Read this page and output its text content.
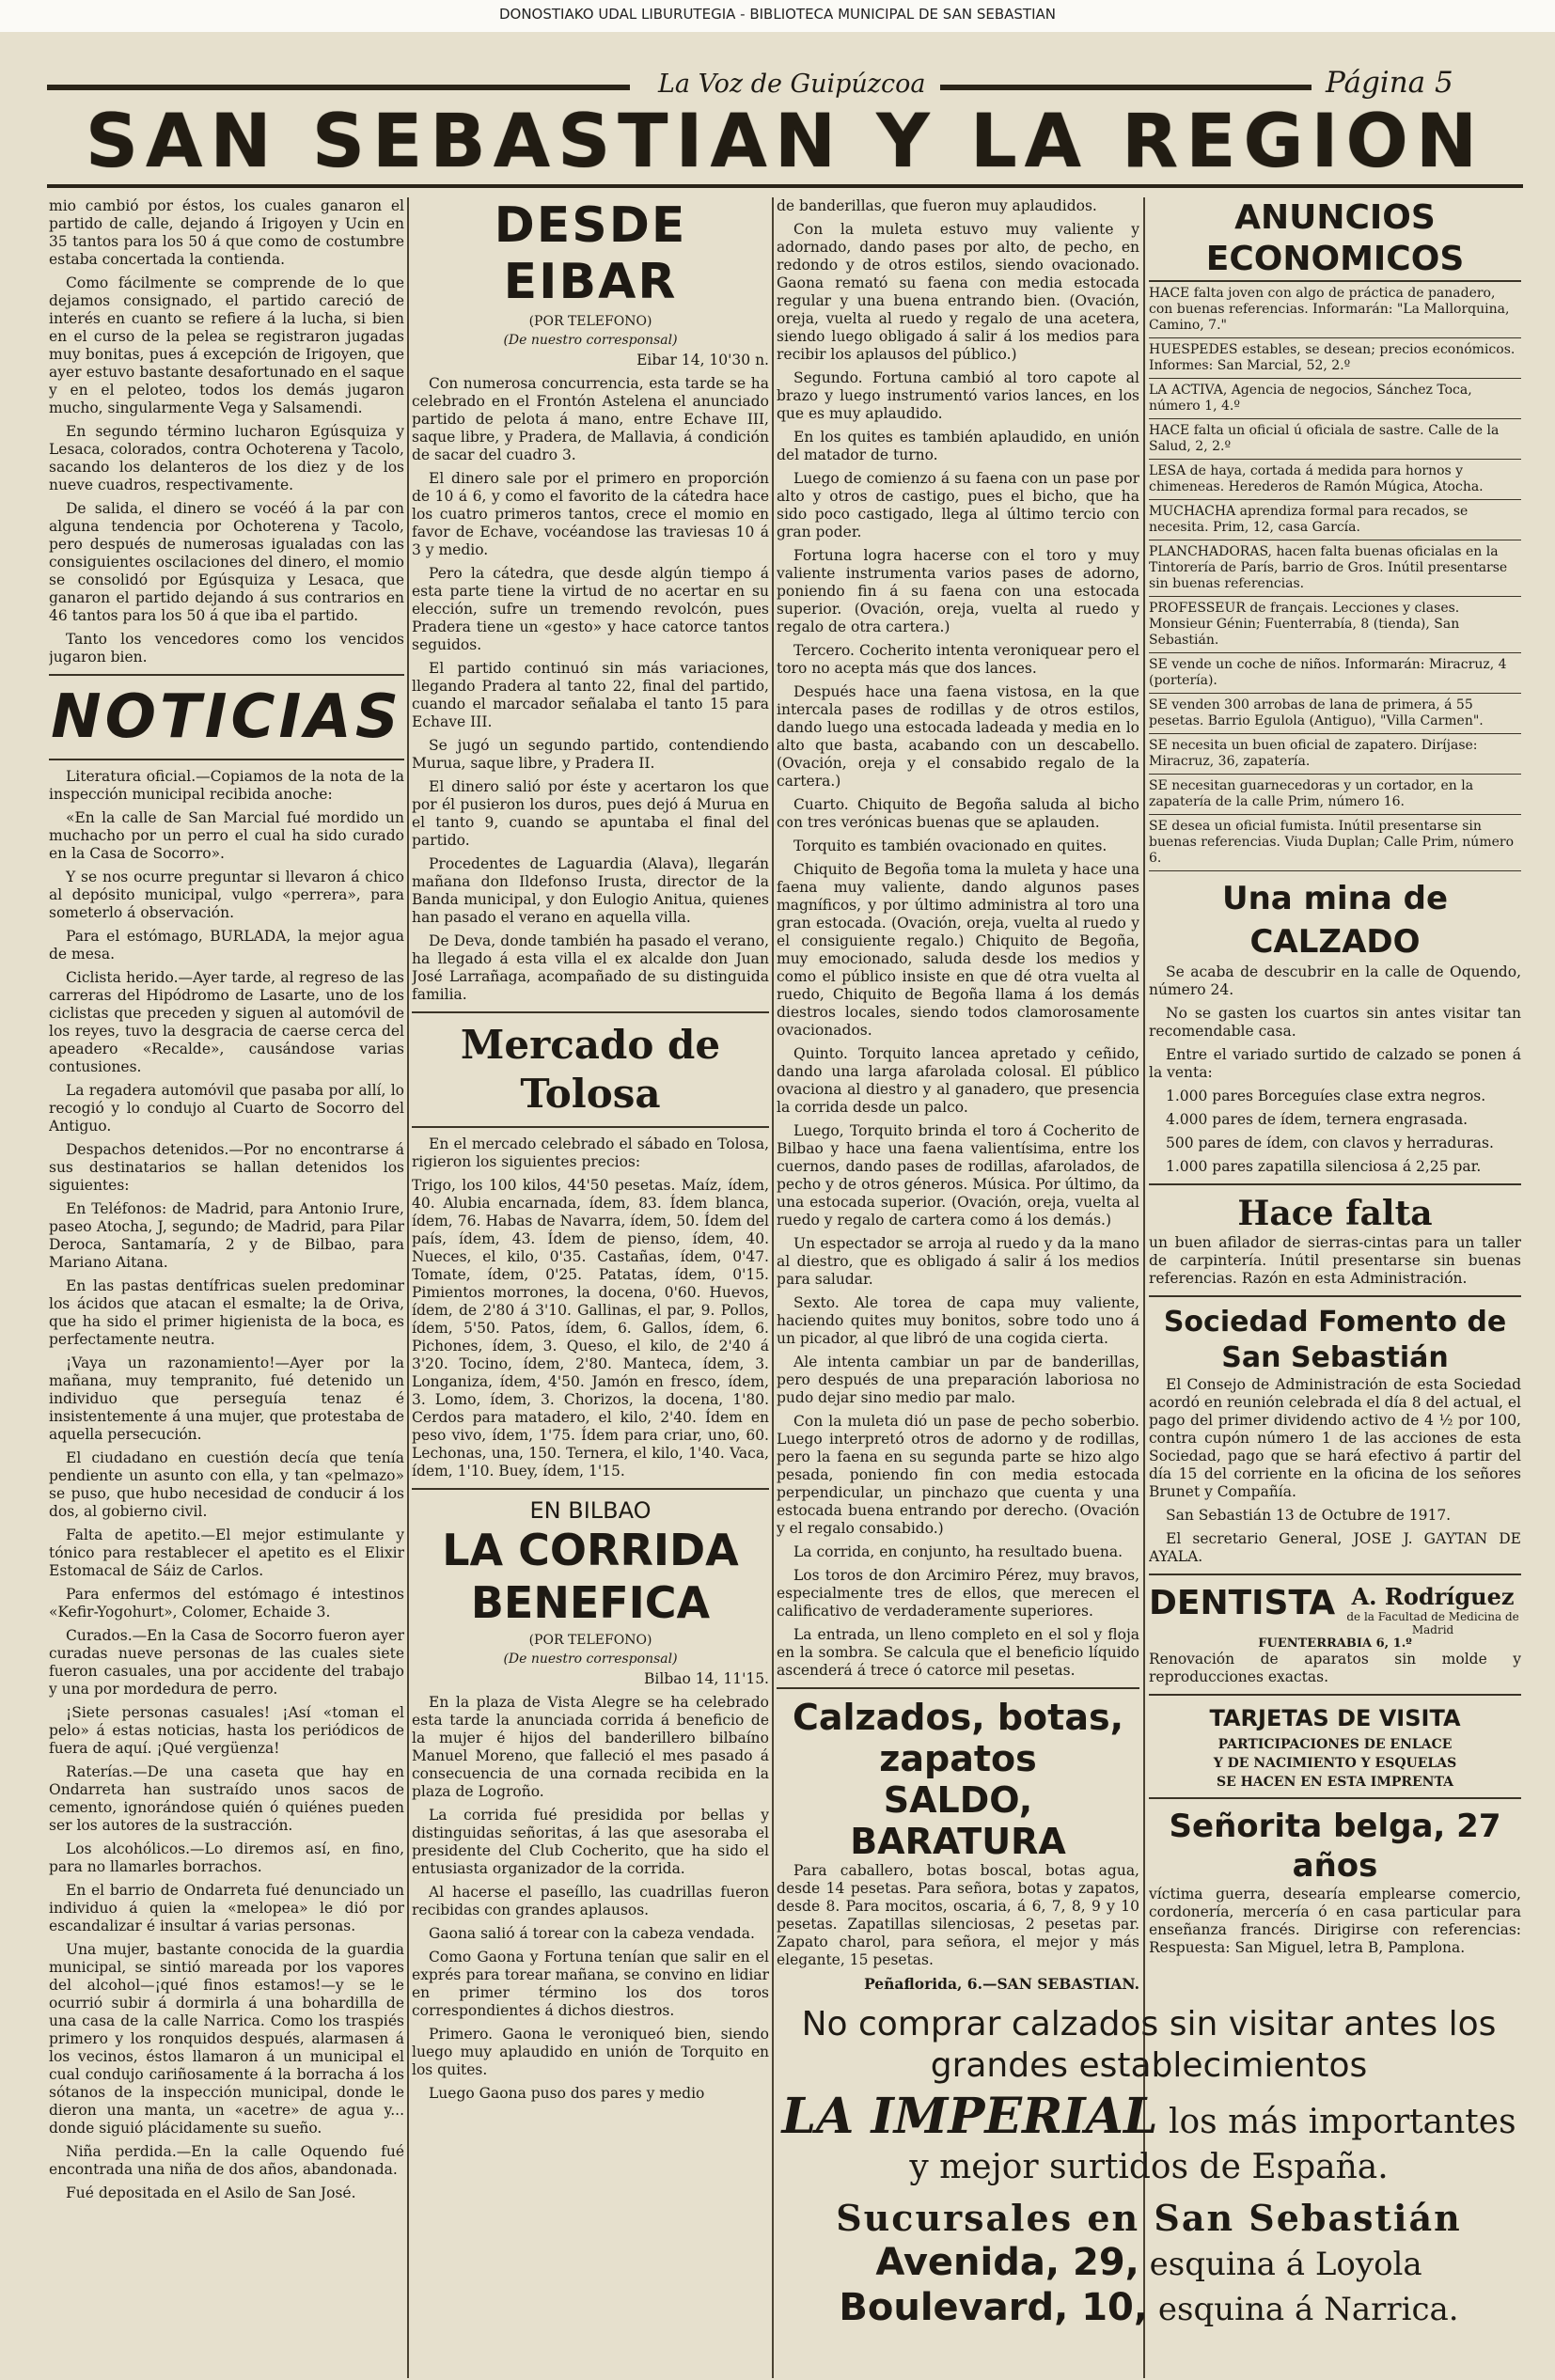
DONOSTIAKO UDAL LIBURUTEGIA - BIBLIOTECA MUNICIPAL DE SAN SEBASTIAN
La Voz de Guipúzcoa	Página 5
SAN SEBASTIAN Y LA REGION

mio cambió por éstos, los cuales ganaron el partido de calle, dejando á Irigoyen y Ucin en 35 tantos para los 50 á que como de costumbre estaba concertada la contienda.

Como fácilmente se comprende de lo que dejamos consignado, el partido careció de interés en cuanto se refiere á la lucha, si bien en el curso de la pelea se registraron jugadas muy bonitas, pues á excepción de Irigoyen, que ayer estuvo bastante desafortunado en el saque y en el peloteo, todos los demás jugaron mucho, singularmente Vega y Salsamendi.

En segundo término lucharon Egúsquiza y Lesaca, colorados, contra Ochoterena y Tacolo, sacando los delanteros de los diez y de los nueve cuadros, respectivamente.

De salida, el dinero se vocéó á la par con alguna tendencia por Ochoterena y Tacolo, pero después de numerosas igualadas con las consiguientes oscilaciones del dinero, el momio se consolidó por Egúsquiza y Lesaca, que ganaron el partido dejando á sus contrarios en 46 tantos para los 50 á que iba el partido.

Tanto los vencedores como los vencidos jugaron bien.

NOTICIAS

Literatura oficial.—Copiamos de la nota de la inspección municipal recibida anoche:

«En la calle de San Marcial fué mordido un muchacho por un perro el cual ha sido curado en la Casa de Socorro».

Y se nos ocurre preguntar si llevaron á chico al depósito municipal, vulgo «perrera», para someterlo á observación.

Para el estómago, BURLADA, la mejor agua de mesa.

Ciclista herido.—Ayer tarde, al regreso de las carreras del Hipódromo de Lasarte, uno de los ciclistas que preceden y siguen al automóvil de los reyes, tuvo la desgracia de caerse cerca del apeadero «Recalde», causándose varias contusiones.

La regadera automóvil que pasaba por allí, lo recogió y lo condujo al Cuarto de Socorro del Antiguo.

Despachos detenidos.—Por no encontrarse á sus destinatarios se hallan detenidos los siguientes:

En Teléfonos: de Madrid, para Antonio Irure, paseo Atocha, J, segundo; de Madrid, para Pilar Deroca, Santamaría, 2 y de Bilbao, para Mariano Aitana.

En las pastas dentífricas suelen predominar los ácidos que atacan el esmalte; la de Oriva, que ha sido el primer higienista de la boca, es perfectamente neutra.

¡Vaya un razonamiento!—Ayer por la mañana, muy tempranito, fué detenido un individuo que perseguía tenaz é insistentemente á una mujer, que protestaba de aquella persecución.

El ciudadano en cuestión decía que tenía pendiente un asunto con ella, y tan «pelmazo» se puso, que hubo necesidad de conducir á los dos, al gobierno civil.

Falta de apetito.—El mejor estimulante y tónico para restablecer el apetito es el Elixir Estomacal de Sáiz de Carlos.

Para enfermos del estómago é intestinos «Kefir-Yogohurt», Colomer, Echaide 3.

Curados.—En la Casa de Socorro fueron ayer curadas nueve personas de las cuales siete fueron casuales, una por accidente del trabajo y una por mordedura de perro.

¡Siete personas casuales! ¡Así «toman el pelo» á estas noticias, hasta los periódicos de fuera de aquí. ¡Qué vergüenza!

Raterías.—De una caseta que hay en Ondarreta han sustraído unos sacos de cemento, ignorándose quién ó quiénes pueden ser los autores de la sustracción.

Los alcohólicos.—Lo diremos así, en fino, para no llamarles borrachos.

En el barrio de Ondarreta fué denunciado un individuo á quien la «melopea» le dió por escandalizar é insultar á varias personas.

Una mujer, bastante conocida de la guardia municipal, se sintió mareada por los vapores del alcohol—¡qué finos estamos!—y se le ocurrió subir á dormirla á una bohardilla de una casa de la calle Narrica. Como los traspiés primero y los ronquidos después, alarmasen á los vecinos, éstos llamaron á un municipal el cual condujo cariñosamente á la borracha á los sótanos de la inspección municipal, donde le dieron una manta, un «acetre» de agua y... donde siguió plácidamente su sueño.

Niña perdida.—En la calle Oquendo fué encontrada una niña de dos años, abandonada.

Fué depositada en el Asilo de San José.

DESDE EIBAR
(POR TELEFONO)
(De nuestro corresponsal)

Eibar 14, 10'30 n.

Con numerosa concurrencia, esta tarde se ha celebrado en el Frontón Astelena el anunciado partido de pelota á mano, entre Echave III, saque libre, y Pradera, de Mallavia, á condición de sacar del cuadro 3.

El dinero sale por el primero en proporción de 10 á 6, y como el favorito de la cátedra hace los cuatro primeros tantos, crece el momio en favor de Echave, vocéandose las traviesas 10 á 3 y medio.

Pero la cátedra, que desde algún tiempo á esta parte tiene la virtud de no acertar en su elección, sufre un tremendo revolcón, pues Pradera tiene un «gesto» y hace catorce tantos seguidos.

El partido continuó sin más variaciones, llegando Pradera al tanto 22, final del partido, cuando el marcador señalaba el tanto 15 para Echave III.

Se jugó un segundo partido, contendiendo Murua, saque libre, y Pradera II.

El dinero salió por éste y acertaron los que por él pusieron los duros, pues dejó á Murua en el tanto 9, cuando se apuntaba el final del partido.

Procedentes de Laguardia (Alava), llegarán mañana don Ildefonso Irusta, director de la Banda municipal, y don Eulogio Anitua, quienes han pasado el verano en aquella villa.

De Deva, donde también ha pasado el verano, ha llegado á esta villa el ex alcalde don Juan José Larrañaga, acompañado de su distinguida familia.

Mercado de Tolosa

En el mercado celebrado el sábado en Tolosa, rigieron los siguientes precios:

Trigo, los 100 kilos, 44'50 pesetas. Maíz, ídem, 40. Alubia encarnada, ídem, 83. Ídem blanca, ídem, 76. Habas de Navarra, ídem, 50. Ídem del país, ídem, 43. Ídem de pienso, ídem, 40. Nueces, el kilo, 0'35. Castañas, ídem, 0'47. Tomate, ídem, 0'25. Patatas, ídem, 0'15. Pimientos morrones, la docena, 0'60. Huevos, ídem, de 2'80 á 3'10. Gallinas, el par, 9. Pollos, ídem, 5'50. Patos, ídem, 6. Gallos, ídem, 6. Pichones, ídem, 3. Queso, el kilo, de 2'40 á 3'20. Tocino, ídem, 2'80. Manteca, ídem, 3. Longaniza, ídem, 4'50. Jamón en fresco, ídem, 3. Lomo, ídem, 3. Chorizos, la docena, 1'80. Cerdos para matadero, el kilo, 2'40. Ídem en peso vivo, ídem, 1'75. Ídem para criar, uno, 60. Lechonas, una, 150. Ternera, el kilo, 1'40. Vaca, ídem, 1'10. Buey, ídem, 1'15.

EN BILBAO
LA CORRIDA BENEFICA
(POR TELEFONO)
(De nuestro corresponsal)

Bilbao 14, 11'15.

En la plaza de Vista Alegre se ha celebrado esta tarde la anunciada corrida á beneficio de la mujer é hijos del banderillero bilbaíno Manuel Moreno, que falleció el mes pasado á consecuencia de una cornada recibida en la plaza de Logroño.

La corrida fué presidida por bellas y distinguidas señoritas, á las que asesoraba el presidente del Club Cocherito, que ha sido el entusiasta organizador de la corrida.

Al hacerse el paseíllo, las cuadrillas fueron recibidas con grandes aplausos.

Gaona salió á torear con la cabeza vendada.

Como Gaona y Fortuna tenían que salir en el exprés para torear mañana, se convino en lidiar en primer término los dos toros correspondientes á dichos diestros.

Primero. Gaona le veroniqueó bien, siendo luego muy aplaudido en unión de Torquito en los quites.

Luego Gaona puso dos pares y medio

de banderillas, que fueron muy aplaudidos.

Con la muleta estuvo muy valiente y adornado, dando pases por alto, de pecho, en redondo y de otros estilos, siendo ovacionado. Gaona remató su faena con media estocada regular y una buena entrando bien. (Ovación, oreja, vuelta al ruedo y regalo de una acetera, siendo luego obligado á salir á los medios para recibir los aplausos del público.)

Segundo. Fortuna cambió al toro capote al brazo y luego instrumentó varios lances, en los que es muy aplaudido.

En los quites es también aplaudido, en unión del matador de turno.

Luego de comienzo á su faena con un pase por alto y otros de castigo, pues el bicho, que ha sido poco castigado, llega al último tercio con gran poder.

Fortuna logra hacerse con el toro y muy valiente instrumenta varios pases de adorno, poniendo fin á su faena con una estocada superior. (Ovación, oreja, vuelta al ruedo y regalo de otra cartera.)

Tercero. Cocherito intenta veroniquear pero el toro no acepta más que dos lances.

Después hace una faena vistosa, en la que intercala pases de rodillas y de otros estilos, dando luego una estocada ladeada y media en lo alto que basta, acabando con un descabello. (Ovación, oreja y el consabido regalo de la cartera.)

Cuarto. Chiquito de Begoña saluda al bicho con tres verónicas buenas que se aplauden.

Torquito es también ovacionado en quites.

Chiquito de Begoña toma la muleta y hace una faena muy valiente, dando algunos pases magníficos, y por último administra al toro una gran estocada. (Ovación, oreja, vuelta al ruedo y el consiguiente regalo.) Chiquito de Begoña, muy emocionado, saluda desde los medios y como el público insiste en que dé otra vuelta al ruedo, Chiquito de Begoña llama á los demás diestros locales, siendo todos clamorosamente ovacionados.

Quinto. Torquito lancea apretado y ceñido, dando una larga afarolada colosal. El público ovaciona al diestro y al ganadero, que presencia la corrida desde un palco.

Luego, Torquito brinda el toro á Cocherito de Bilbao y hace una faena valientísima, entre los cuernos, dando pases de rodillas, afarolados, de pecho y de otros géneros. Música. Por último, da una estocada superior. (Ovación, oreja, vuelta al ruedo y regalo de cartera como á los demás.)

Un espectador se arroja al ruedo y da la mano al diestro, que es obligado á salir á los medios para saludar.

Sexto. Ale torea de capa muy valiente, haciendo quites muy bonitos, sobre todo uno á un picador, al que libró de una cogida cierta.

Ale intenta cambiar un par de banderillas, pero después de una preparación laboriosa no pudo dejar sino medio par malo.

Con la muleta dió un pase de pecho soberbio. Luego interpretó otros de adorno y de rodillas, pero la faena en su segunda parte se hizo algo pesada, poniendo fin con media estocada perpendicular, un pinchazo que cuenta y una estocada buena entrando por derecho. (Ovación y el regalo consabido.)

La corrida, en conjunto, ha resultado buena.

Los toros de don Arcimiro Pérez, muy bravos, especialmente tres de ellos, que merecen el calificativo de verdaderamente superiores.

La entrada, un lleno completo en el sol y floja en la sombra. Se calcula que el beneficio líquido ascenderá á trece ó catorce mil pesetas.

Calzados, botas, zapatos
SALDO, BARATURA

Para caballero, botas boscal, botas agua, desde 14 pesetas. Para señora, botas y zapatos, desde 8. Para mocitos, oscaria, á 6, 7, 8, 9 y 10 pesetas. Zapatillas silenciosas, 2 pesetas par. Zapato charol, para señora, el mejor y más elegante, 15 pesetas.

Peñaflorida, 6.—SAN SEBASTIAN.

ANUNCIOS ECONOMICOS
HACE falta joven con algo de práctica de panadero, con buenas referencias. Informarán: "La Mallorquina, Camino, 7."
HUESPEDES estables, se desean; precios económicos. Informes: San Marcial, 52, 2.º
LA ACTIVA, Agencia de negocios, Sánchez Toca, número 1, 4.º
HACE falta un oficial ú oficiala de sastre. Calle de la Salud, 2, 2.º
LESA de haya, cortada á medida para hornos y chimeneas. Herederos de Ramón Múgica, Atocha.
MUCHACHA aprendiza formal para recados, se necesita. Prim, 12, casa García.
PLANCHADORAS, hacen falta buenas oficialas en la Tintorería de París, barrio de Gros. Inútil presentarse sin buenas referencias.
PROFESSEUR de français. Lecciones y clases. Monsieur Génin; Fuenterrabía, 8 (tienda), San Sebastián.
SE vende un coche de niños. Informarán: Miracruz, 4 (portería).
SE venden 300 arrobas de lana de primera, á 55 pesetas. Barrio Egulola (Antiguo), "Villa Carmen".
SE necesita un buen oficial de zapatero. Diríjase: Miracruz, 36, zapatería.
SE necesitan guarnecedoras y un cortador, en la zapatería de la calle Prim, número 16.
SE desea un oficial fumista. Inútil presentarse sin buenas referencias. Viuda Duplan; Calle Prim, número 6.
Una mina de CALZADO

Se acaba de descubrir en la calle de Oquendo, número 24.

No se gasten los cuartos sin antes visitar tan recomendable casa.

Entre el variado surtido de calzado se ponen á la venta:

1.000 pares Borceguíes clase extra negros.

4.000 pares de ídem, ternera engrasada.

500 pares de ídem, con clavos y herraduras.

1.000 pares zapatilla silenciosa á 2,25 par.

Hace falta

un buen afilador de sierras-cintas para un taller de carpintería. Inútil presentarse sin buenas referencias. Razón en esta Administración.

Sociedad Fomento de San Sebastián

El Consejo de Administración de esta Sociedad acordó en reunión celebrada el día 8 del actual, el pago del primer dividendo activo de 4 ½ por 100, contra cupón número 1 de las acciones de esta Sociedad, pago que se hará efectivo á partir del día 15 del corriente en la oficina de los señores Brunet y Compañía.

San Sebastián 13 de Octubre de 1917.

El secretario General, JOSE J. GAYTAN DE AYALA.

DENTISTA A. Rodríguez
de la Facultad de Medicina de Madrid
FUENTERRABIA 6, 1.º

Renovación de aparatos sin molde y reproducciones exactas.

TARJETAS DE VISITA
PARTICIPACIONES DE ENLACE
Y DE NACIMIENTO Y ESQUELAS
SE HACEN EN ESTA IMPRENTA
Señorita belga, 27 años

víctima guerra, desearía emplearse comercio, cordonería, mercería ó en casa particular para enseñanza francés. Dirigirse con referencias: Respuesta: San Miguel, letra B, Pamplona.

No comprar calzados sin visitar antes los grandes establecimientos
LA IMPERIAL los más importantes y mejor surtidos de España.
Sucursales en San Sebastián
Avenida, 29, esquina á Loyola
Boulevard, 10, esquina á Narrica.
